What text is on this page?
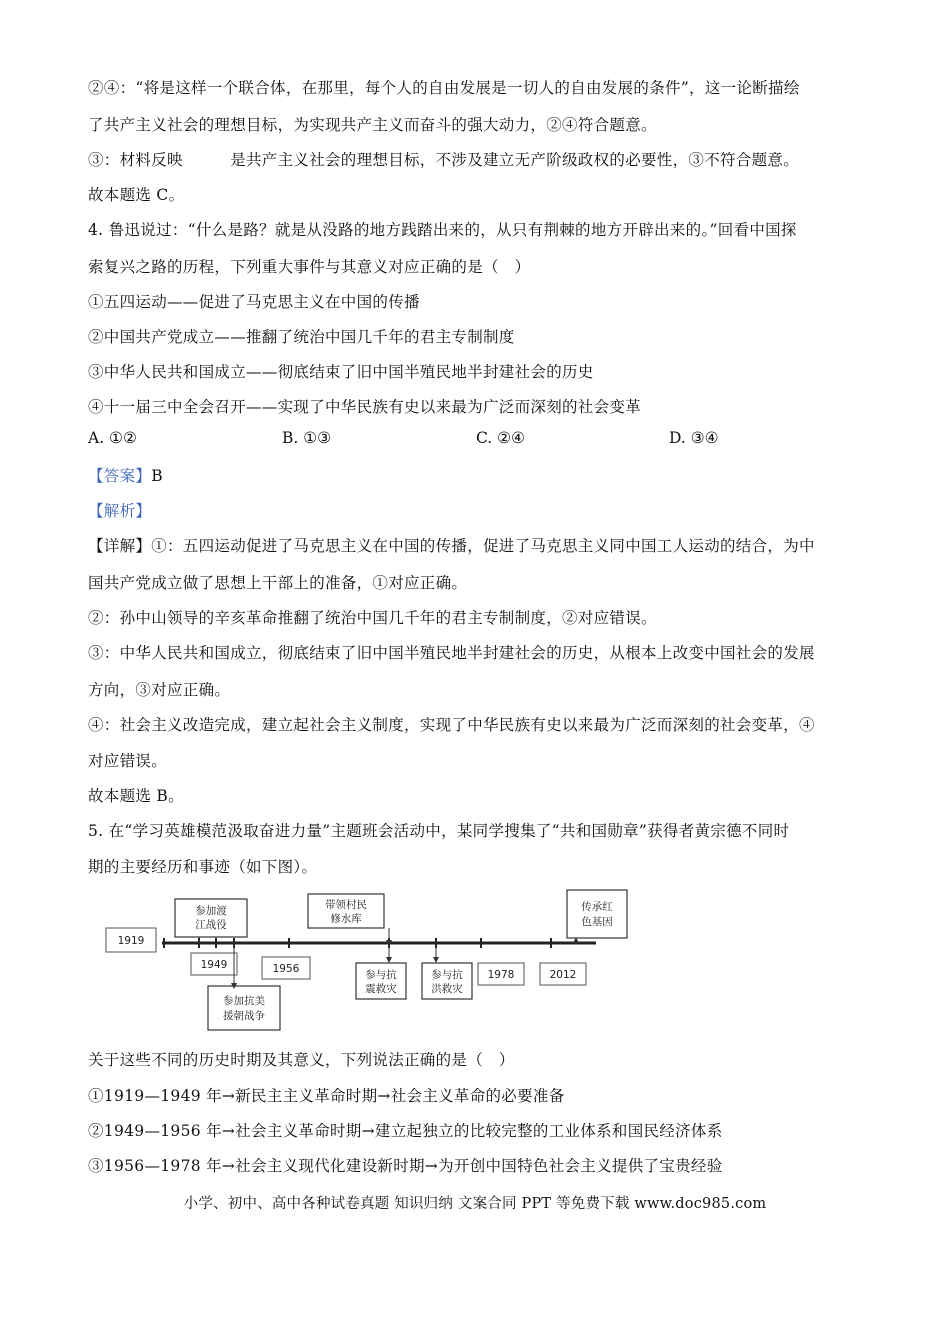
②④：“将是这样一个联合体，在那里，每个人的自由发展是一切人的自由发展的条件”，这一论断描绘
了共产主义社会的理想目标，为实现共产主义而奋斗的强大动力，②④符合题意。
③：材料反映　　　是共产主义社会的理想目标，不涉及建立无产阶级政权的必要性，③不符合题意。
故本题选 C。
4. 鲁迅说过：“什么是路？就是从没路的地方践踏出来的，从只有荆棘的地方开辟出来的。”回看中国探
索复兴之路的历程，下列重大事件与其意义对应正确的是（　）
①五四运动——促进了马克思主义在中国的传播
②中国共产党成立——推翻了统治中国几千年的君主专制制度
③中华人民共和国成立——彻底结束了旧中国半殖民地半封建社会的历史
④十一届三中全会召开——实现了中华民族有史以来最为广泛而深刻的社会变革
A. ①②	B. ①③	C. ②④	D. ③④
【答案】B
【解析】
【详解】①：五四运动促进了马克思主义在中国的传播，促进了马克思主义同中国工人运动的结合，为中
国共产党成立做了思想上干部上的准备，①对应正确。
②：孙中山领导的辛亥革命推翻了统治中国几千年的君主专制制度，②对应错误。
③：中华人民共和国成立，彻底结束了旧中国半殖民地半封建社会的历史，从根本上改变中国社会的发展
方向，③对应正确。
④：社会主义改造完成，建立起社会主义制度，实现了中华民族有史以来最为广泛而深刻的社会变革，④
对应错误。
故本题选 B。
5. 在“学习英雄模范汲取奋进力量”主题班会活动中，某同学搜集了“共和国勋章”获得者黄宗德不同时
期的主要经历和事迹（如下图）。
1919
1949	1956	1978	2012
参加渡江战役
参加抗美援朝战争
带领村民修水库
参与抗震救灾
参与抗洪救灾
传承红色基因
关于这些不同的历史时期及其意义，下列说法正确的是（　）
①1919—1949 年→新民主主义革命时期→社会主义革命的必要准备
②1949—1956 年→社会主义革命时期→建立起独立的比较完整的工业体系和国民经济体系
③1956—1978 年→社会主义现代化建设新时期→为开创中国特色社会主义提供了宝贵经验
小学、初中、高中各种试卷真题 知识归纳 文案合同 PPT 等免费下载 www.doc985.com
